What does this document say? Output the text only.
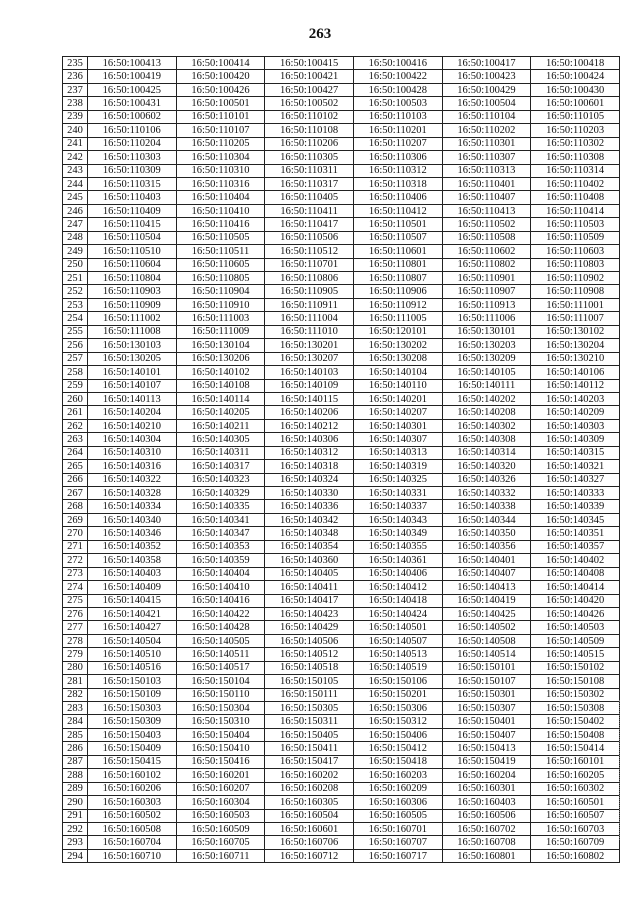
263
235	16:50:100413	16:50:100414	16:50:100415	16:50:100416	16:50:100417	16:50:100418
236	16:50:100419	16:50:100420	16:50:100421	16:50:100422	16:50:100423	16:50:100424
237	16:50:100425	16:50:100426	16:50:100427	16:50:100428	16:50:100429	16:50:100430
238	16:50:100431	16:50:100501	16:50:100502	16:50:100503	16:50:100504	16:50:100601
239	16:50:100602	16:50:110101	16:50:110102	16:50:110103	16:50:110104	16:50:110105
240	16:50:110106	16:50:110107	16:50:110108	16:50:110201	16:50:110202	16:50:110203
241	16:50:110204	16:50:110205	16:50:110206	16:50:110207	16:50:110301	16:50:110302
242	16:50:110303	16:50:110304	16:50:110305	16:50:110306	16:50:110307	16:50:110308
243	16:50:110309	16:50:110310	16:50:110311	16:50:110312	16:50:110313	16:50:110314
244	16:50:110315	16:50:110316	16:50:110317	16:50:110318	16:50:110401	16:50:110402
245	16:50:110403	16:50:110404	16:50:110405	16:50:110406	16:50:110407	16:50:110408
246	16:50:110409	16:50:110410	16:50:110411	16:50:110412	16:50:110413	16:50:110414
247	16:50:110415	16:50:110416	16:50:110417	16:50:110501	16:50:110502	16:50:110503
248	16:50:110504	16:50:110505	16:50:110506	16:50:110507	16:50:110508	16:50:110509
249	16:50:110510	16:50:110511	16:50:110512	16:50:110601	16:50:110602	16:50:110603
250	16:50:110604	16:50:110605	16:50:110701	16:50:110801	16:50:110802	16:50:110803
251	16:50:110804	16:50:110805	16:50:110806	16:50:110807	16:50:110901	16:50:110902
252	16:50:110903	16:50:110904	16:50:110905	16:50:110906	16:50:110907	16:50:110908
253	16:50:110909	16:50:110910	16:50:110911	16:50:110912	16:50:110913	16:50:111001
254	16:50:111002	16:50:111003	16:50:111004	16:50:111005	16:50:111006	16:50:111007
255	16:50:111008	16:50:111009	16:50:111010	16:50:120101	16:50:130101	16:50:130102
256	16:50:130103	16:50:130104	16:50:130201	16:50:130202	16:50:130203	16:50:130204
257	16:50:130205	16:50:130206	16:50:130207	16:50:130208	16:50:130209	16:50:130210
258	16:50:140101	16:50:140102	16:50:140103	16:50:140104	16:50:140105	16:50:140106
259	16:50:140107	16:50:140108	16:50:140109	16:50:140110	16:50:140111	16:50:140112
260	16:50:140113	16:50:140114	16:50:140115	16:50:140201	16:50:140202	16:50:140203
261	16:50:140204	16:50:140205	16:50:140206	16:50:140207	16:50:140208	16:50:140209
262	16:50:140210	16:50:140211	16:50:140212	16:50:140301	16:50:140302	16:50:140303
263	16:50:140304	16:50:140305	16:50:140306	16:50:140307	16:50:140308	16:50:140309
264	16:50:140310	16:50:140311	16:50:140312	16:50:140313	16:50:140314	16:50:140315
265	16:50:140316	16:50:140317	16:50:140318	16:50:140319	16:50:140320	16:50:140321
266	16:50:140322	16:50:140323	16:50:140324	16:50:140325	16:50:140326	16:50:140327
267	16:50:140328	16:50:140329	16:50:140330	16:50:140331	16:50:140332	16:50:140333
268	16:50:140334	16:50:140335	16:50:140336	16:50:140337	16:50:140338	16:50:140339
269	16:50:140340	16:50:140341	16:50:140342	16:50:140343	16:50:140344	16:50:140345
270	16:50:140346	16:50:140347	16:50:140348	16:50:140349	16:50:140350	16:50:140351
271	16:50:140352	16:50:140353	16:50:140354	16:50:140355	16:50:140356	16:50:140357
272	16:50:140358	16:50:140359	16:50:140360	16:50:140361	16:50:140401	16:50:140402
273	16:50:140403	16:50:140404	16:50:140405	16:50:140406	16:50:140407	16:50:140408
274	16:50:140409	16:50:140410	16:50:140411	16:50:140412	16:50:140413	16:50:140414
275	16:50:140415	16:50:140416	16:50:140417	16:50:140418	16:50:140419	16:50:140420
276	16:50:140421	16:50:140422	16:50:140423	16:50:140424	16:50:140425	16:50:140426
277	16:50:140427	16:50:140428	16:50:140429	16:50:140501	16:50:140502	16:50:140503
278	16:50:140504	16:50:140505	16:50:140506	16:50:140507	16:50:140508	16:50:140509
279	16:50:140510	16:50:140511	16:50:140512	16:50:140513	16:50:140514	16:50:140515
280	16:50:140516	16:50:140517	16:50:140518	16:50:140519	16:50:150101	16:50:150102
281	16:50:150103	16:50:150104	16:50:150105	16:50:150106	16:50:150107	16:50:150108
282	16:50:150109	16:50:150110	16:50:150111	16:50:150201	16:50:150301	16:50:150302
283	16:50:150303	16:50:150304	16:50:150305	16:50:150306	16:50:150307	16:50:150308
284	16:50:150309	16:50:150310	16:50:150311	16:50:150312	16:50:150401	16:50:150402
285	16:50:150403	16:50:150404	16:50:150405	16:50:150406	16:50:150407	16:50:150408
286	16:50:150409	16:50:150410	16:50:150411	16:50:150412	16:50:150413	16:50:150414
287	16:50:150415	16:50:150416	16:50:150417	16:50:150418	16:50:150419	16:50:160101
288	16:50:160102	16:50:160201	16:50:160202	16:50:160203	16:50:160204	16:50:160205
289	16:50:160206	16:50:160207	16:50:160208	16:50:160209	16:50:160301	16:50:160302
290	16:50:160303	16:50:160304	16:50:160305	16:50:160306	16:50:160403	16:50:160501
291	16:50:160502	16:50:160503	16:50:160504	16:50:160505	16:50:160506	16:50:160507
292	16:50:160508	16:50:160509	16:50:160601	16:50:160701	16:50:160702	16:50:160703
293	16:50:160704	16:50:160705	16:50:160706	16:50:160707	16:50:160708	16:50:160709
294	16:50:160710	16:50:160711	16:50:160712	16:50:160717	16:50:160801	16:50:160802
